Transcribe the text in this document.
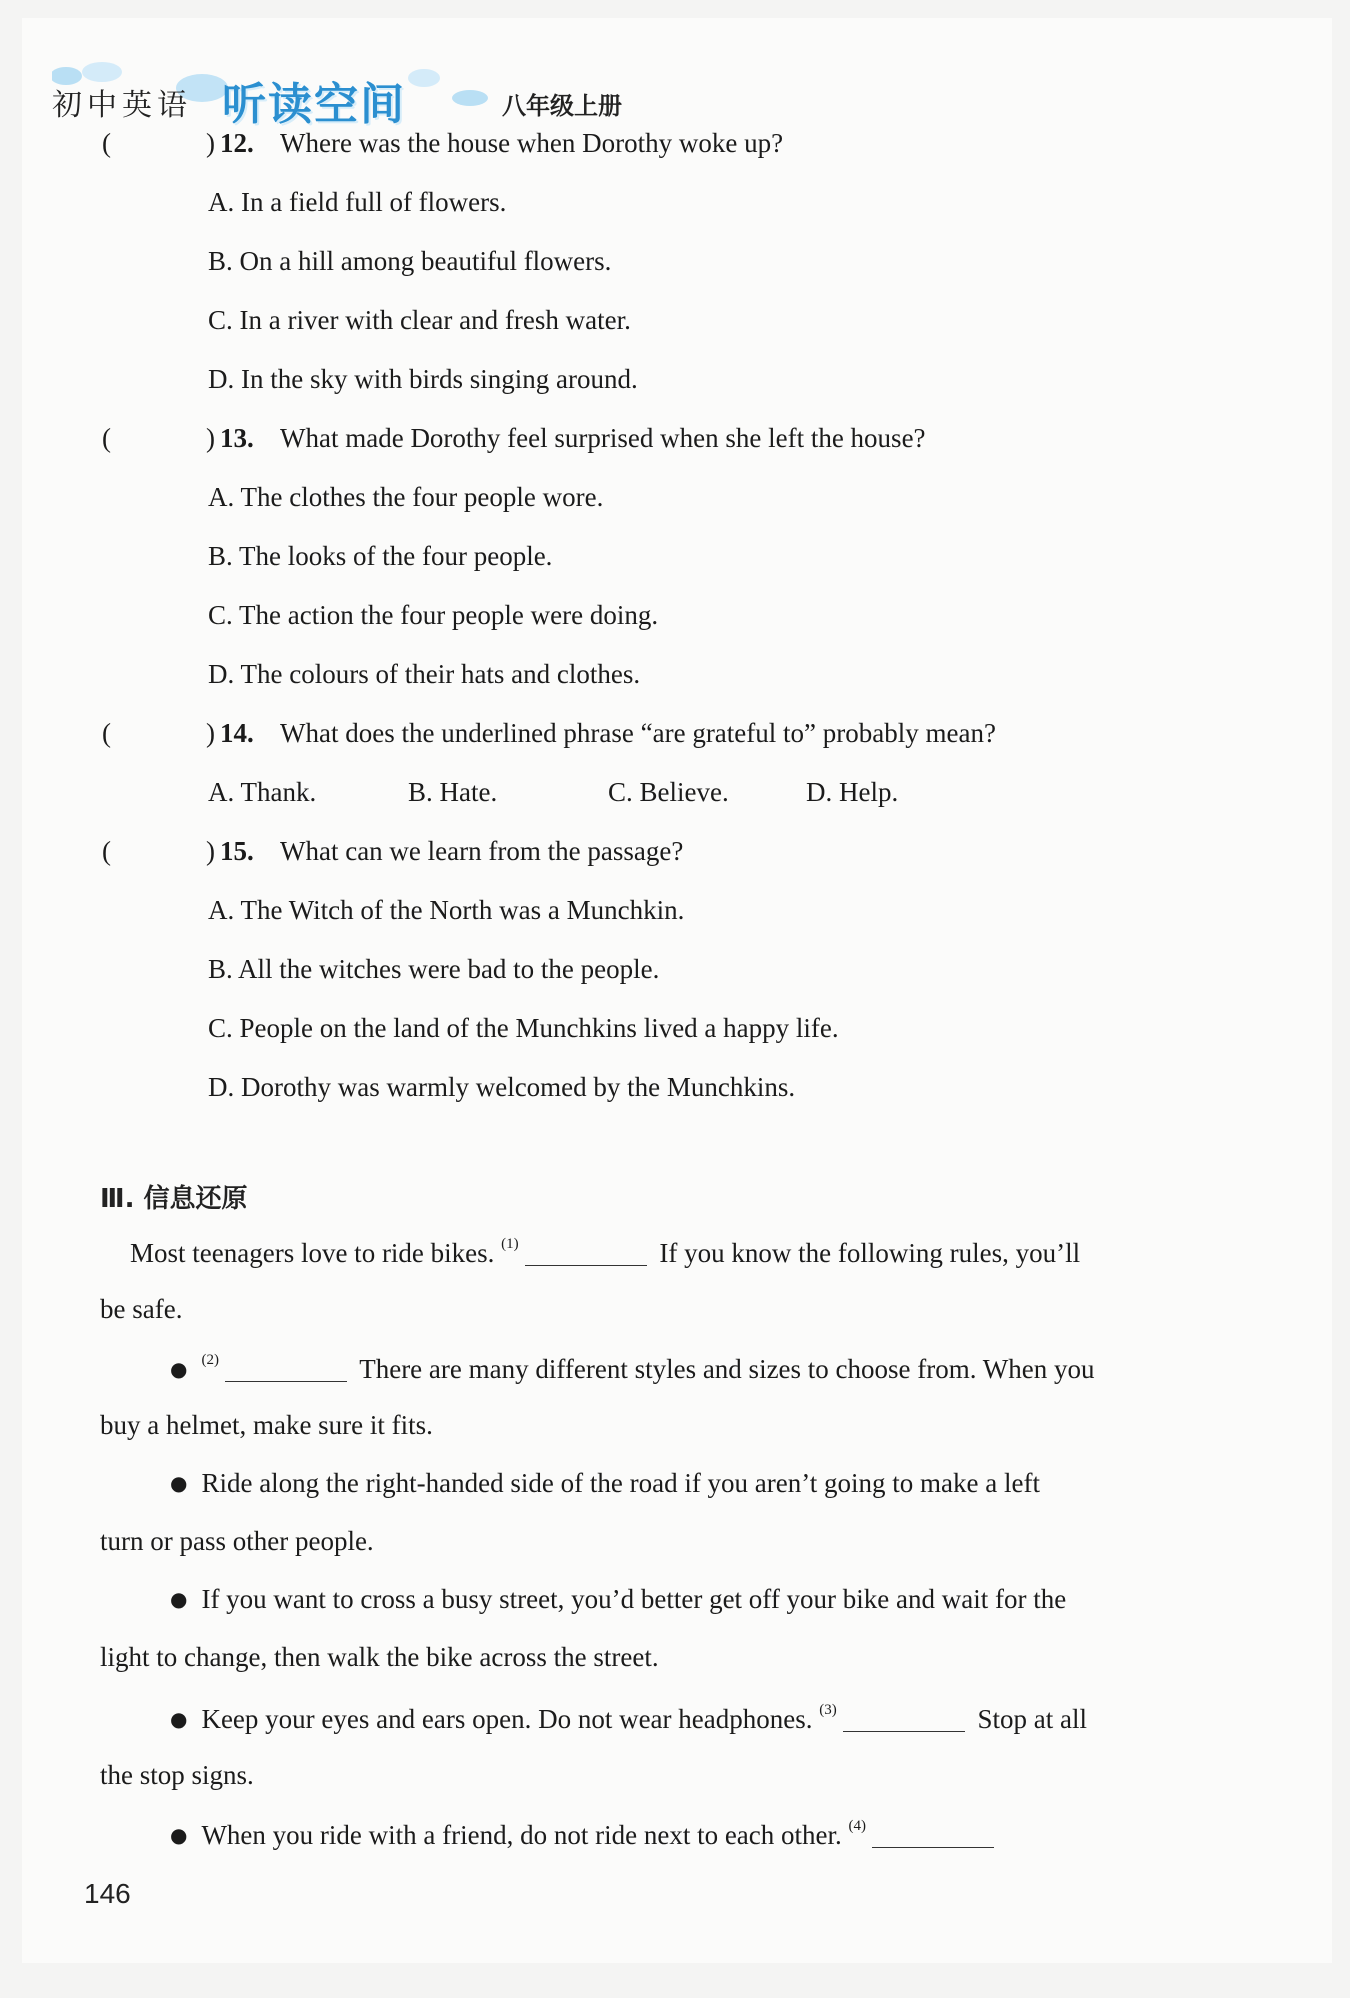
初中英语 听读空间	八年级上册
(	) 12. Where was the house when Dorothy woke up?
A. In a field full of flowers.
B. On a hill among beautiful flowers.
C. In a river with clear and fresh water.
D. In the sky with birds singing around.
(	) 13. What made Dorothy feel surprised when she left the house?
A. The clothes the four people wore.
B. The looks of the four people.
C. The action the four people were doing.
D. The colours of their hats and clothes.
(	) 14. What does the underlined phrase “are grateful to” probably mean?
A. Thank.	B. Hate.	C. Believe.	D. Help.
(	) 15. What can we learn from the passage?
A. The Witch of the North was a Munchkin.
B. All the witches were bad to the people.
C. People on the land of the Munchkins lived a happy life.
D. Dorothy was warmly welcomed by the Munchkins.
Ⅲ. 信息还原
Most teenagers love to ride bikes. $^{(1)}$	If you know the following rules, you’ll
be safe.
● $^{(2)}$	There are many different styles and sizes to choose from. When you
buy a helmet, make sure it fits.
● Ride along the right-handed side of the road if you aren’t going to make a left
turn or pass other people.
● If you want to cross a busy street, you’d better get off your bike and wait for the
light to change, then walk the bike across the street.
● Keep your eyes and ears open. Do not wear headphones. $^{(3)}$	Stop at all
the stop signs.
● When you ride with a friend, do not ride next to each other. $^{(4)}$
146
